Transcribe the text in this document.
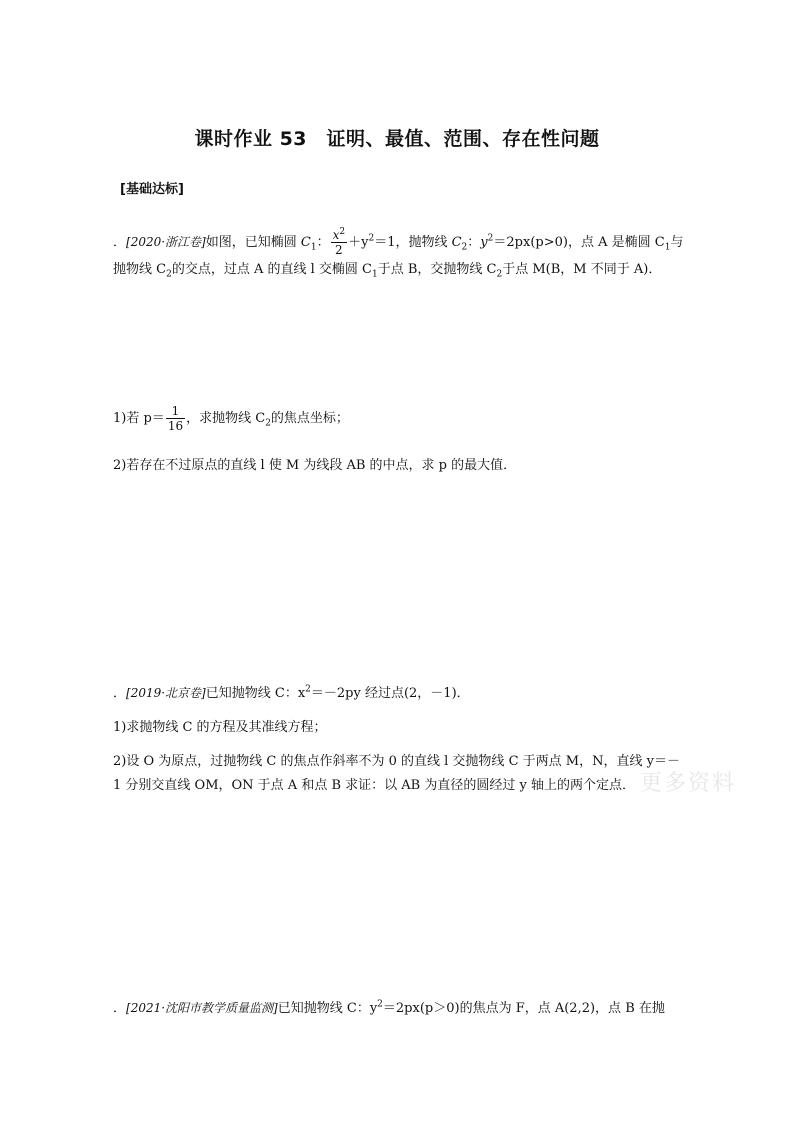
课时作业 53　证明、最值、范围、存在性问题
[基础达标]
．[2020·浙江卷]如图，已知椭圆 $C_1$： $\frac{x^2}{2} +y^2=1$，抛物线 $C_2$：$y^2=2px(p>0)$，点 A 是椭圆 $C_1$与
抛物线 $C_2$的交点，过点 A 的直线 l 交椭圆 $C_1$于点 B，交抛物线 $C_2$于点 M(B，M 不同于 A)．
1)若 $p= \frac{1}{16}$ ，求抛物线 $C_2$的焦点坐标；
2)若存在不过原点的直线 l 使 M 为线段 AB 的中点，求 p 的最大值．
．[2019·北京卷]已知抛物线 C：$x^2=-2py$ 经过点(2，－1)．
1)求抛物线 C 的方程及其准线方程；
2)设 O 为原点，过抛物线 C 的焦点作斜率不为 0 的直线 l 交抛物线 C 于两点 M，N，直线 y＝－
1 分别交直线 OM，ON 于点 A 和点 B 求证：以 AB 为直径的圆经过 y 轴上的两个定点． 更多资料
．[2021·沈阳市教学质量监测]已知抛物线 C：$y^2=2px(p>0)$的焦点为 F，点 A(2,2)，点 B 在抛
